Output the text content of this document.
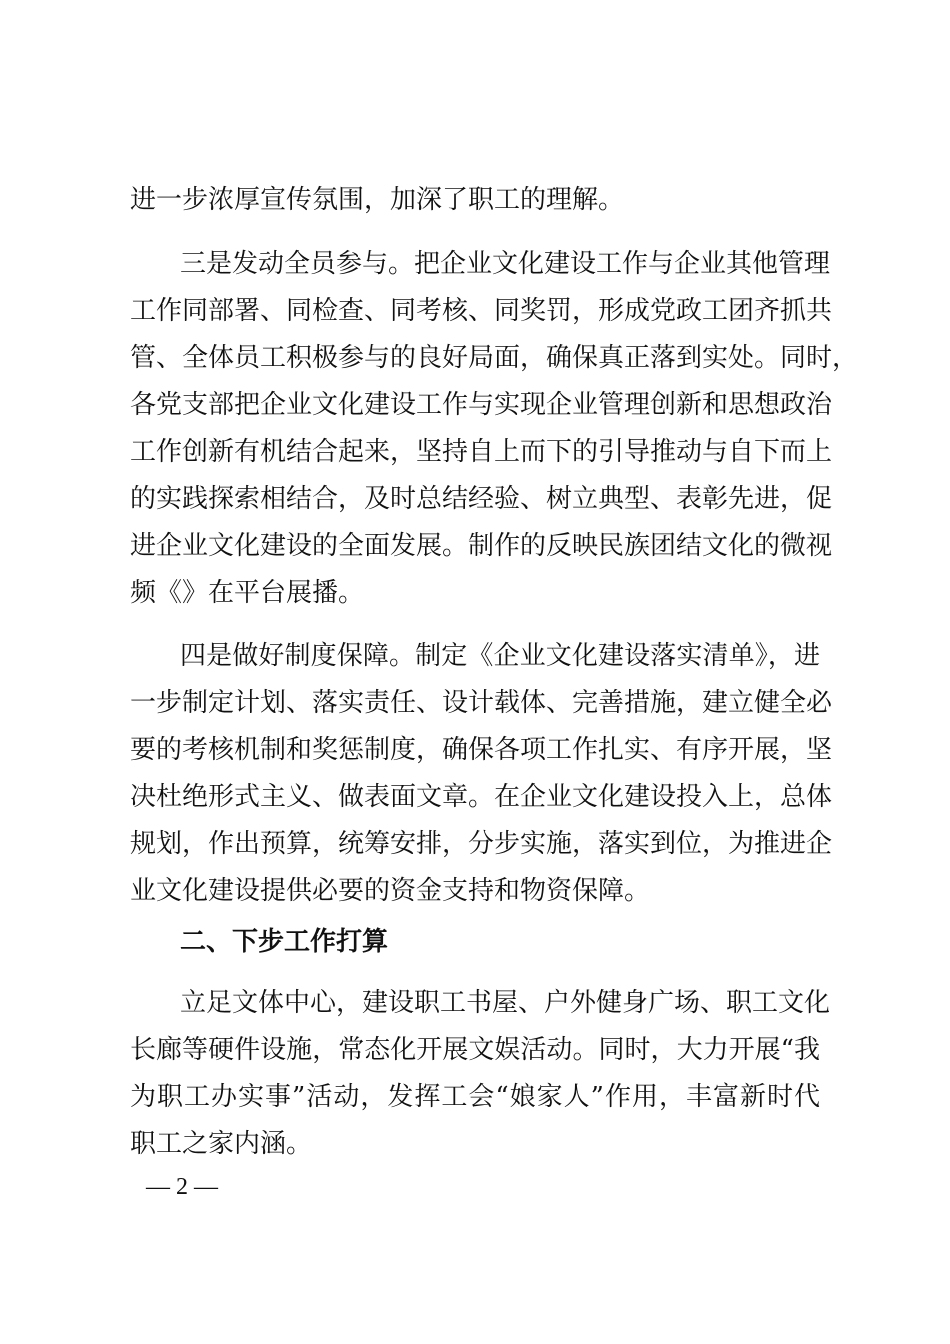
进一步浓厚宣传氛围，加深了职工的理解。
三是发动全员参与。把企业文化建设工作与企业其他管理
工作同部署、同检查、同考核、同奖罚，形成党政工团齐抓共
管、全体员工积极参与的良好局面，确保真正落到实处。同时，
各党支部把企业文化建设工作与实现企业管理创新和思想政治
工作创新有机结合起来，坚持自上而下的引导推动与自下而上
的实践探索相结合，及时总结经验、树立典型、表彰先进，促
进企业文化建设的全面发展。制作的反映民族团结文化的微视
频《》在平台展播。
四是做好制度保障。制定《企业文化建设落实清单》，进
一步制定计划、落实责任、设计载体、完善措施，建立健全必
要的考核机制和奖惩制度，确保各项工作扎实、有序开展，坚
决杜绝形式主义、做表面文章。在企业文化建设投入上，总体
规划，作出预算，统筹安排，分步实施，落实到位，为推进企
业文化建设提供必要的资金支持和物资保障。
二、下步工作打算
立足文体中心，建设职工书屋、户外健身广场、职工文化
长廊等硬件设施，常态化开展文娱活动。同时，大力开展“我
为职工办实事”活动，发挥工会“娘家人”作用，丰富新时代
职工之家内涵。
— 2 —
